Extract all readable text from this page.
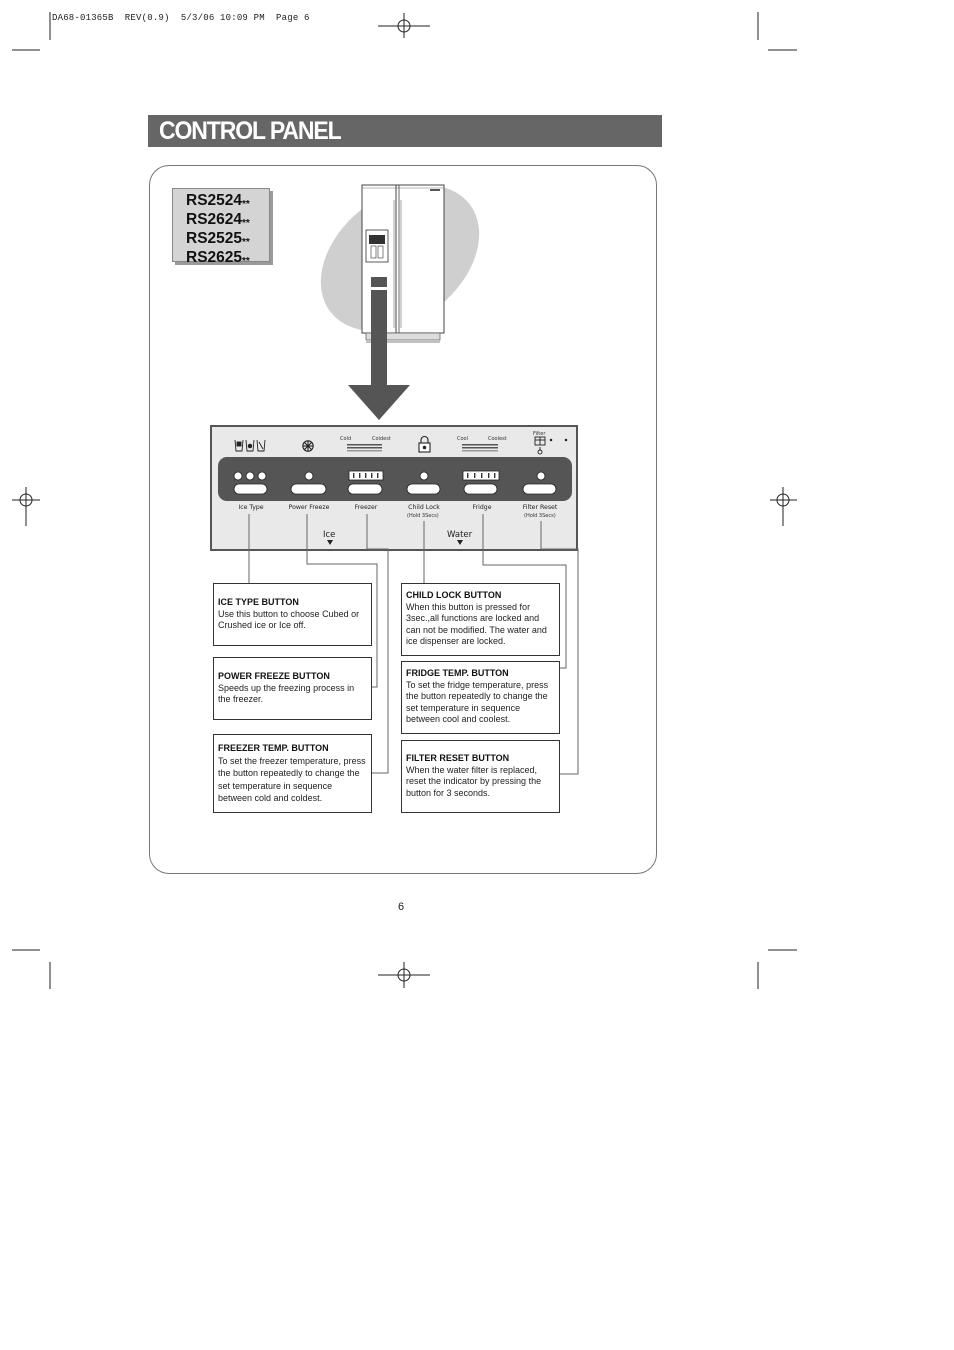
DA68-01365B  REV(0.9)  5/3/06 10:09 PM  Page 6
CONTROL PANEL
RS2524**
RS2624**
RS2525**
RS2625**
Cold	Coldest	Cool	Coolest
Filter
Ice Type	Power Freeze	Freezer	Child Lock
(Hold 3Secs)
Fridge	Filter Reset
(Hold 3Secs)
Ice	Water
ICE TYPE BUTTON
Use this button to choose Cubed or Crushed ice or Ice off.
POWER FREEZE BUTTON
Speeds up the freezing process in the freezer.
FREEZER TEMP. BUTTON
To set the freezer temperature, press the button repeatedly to change the set temperature in sequence between cold and coldest.
CHILD LOCK BUTTON
When this button is pressed for 3sec.,all functions are locked and can not be modified. The water and ice dispenser are locked.
FRIDGE TEMP. BUTTON
To set the fridge temperature, press the button repeatedly to change the set temperature in sequence between cool and coolest.
FILTER RESET BUTTON
When the water filter is replaced, reset the indicator by pressing the button for 3 seconds.
6
